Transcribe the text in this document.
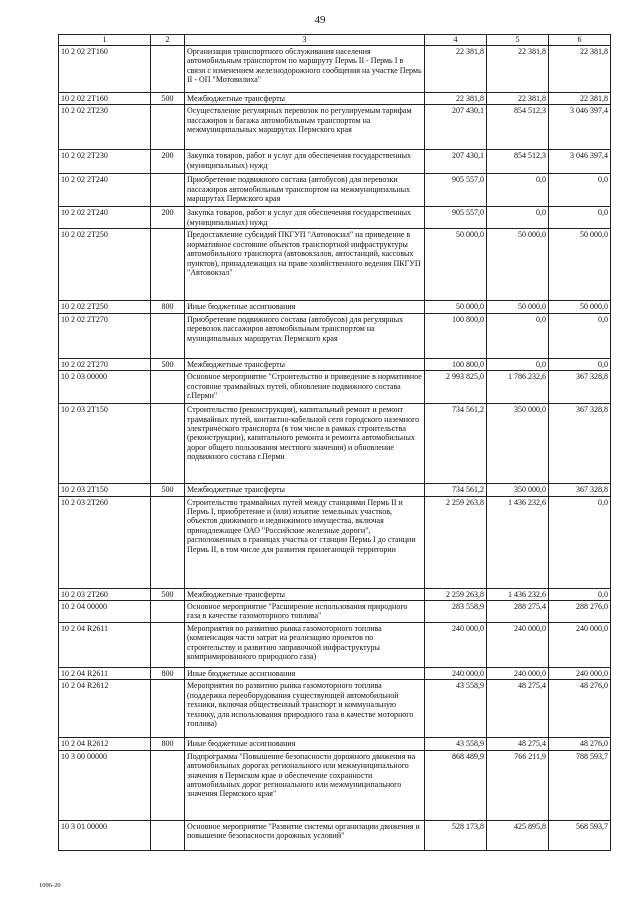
49
1	2	3	4	5	6
10 2 02 2Т160		Организация транспортного обслуживания населения автомобильным транспортом по маршруту Пермь II - Пермь I в связи с изменением железнодорожного сообщения на участке Пермь II - ОП "Мотовилиха"	22 381,8	22 381,8	22 381,8
10 2 02 2Т160	500	Межбюджетные трансферты	22 381,8	22 381,8	22 381,8
10 2 02 2Т230		Осуществление регулярных перевозок по регулируемым тарифам пассажиров и багажа автомобильным транспортом на межмуниципальных маршрутах Пермского края	207 430,1	854 512,3	3 046 397,4
10 2 02 2Т230	200	Закупка товаров, работ и услуг для обеспечения государственных (муниципальных) нужд	207 430,1	854 512,3	3 046 397,4
10 2 02 2Т240		Приобретение подвижного состава (автобусов) для перевозки пассажиров автомобильным транспортом на межмуниципальных маршрутах Пермского края	905 557,0	0,0	0,0
10 2 02 2Т240	200	Закупка товаров, работ и услуг для обеспечения государственных (муниципальных) нужд	905 557,0	0,0	0,0
10 2 02 2Т250		Предоставление субсидий ПКГУП "Автовокзал" на приведение в нормативное состояние объектов транспортной инфраструктуры автомобильного транспорта (автовокзалов, автостанций, кассовых пунктов), принадлежащих на праве хозяйственного ведения ПКГУП "Автовокзал"	50 000,0	50 000,0	50 000,0
10 2 02 2Т250	800	Иные бюджетные ассигнования	50 000,0	50 000,0	50 000,0
10 2 02 2Т270		Приобретение подвижного состава (автобусов) для регулярных перевозок пассажиров автомобильным транспортом на муниципальных маршрутах Пермского края	100 800,0	0,0	0,0
10 2 02 2Т270	500	Межбюджетные трансферты	100 800,0	0,0	0,0
10 2 03 00000		Основное мероприятие "Строительство и приведение в нормативное состояние трамвайных путей, обновление подвижного состава г.Перми"	2 993 825,0	1 786 232,6	367 328,8
10 2 03 2Т150		Строительство (реконструкция), капитальный ремонт и ремонт трамвайных путей, контактно-кабельной сети городского наземного электрического транспорта (в том числе в рамках строительства (реконструкции), капитального ремонта и ремонта автомобильных дорог общего пользования местного значения) и обновление подвижного состава г.Перми	734 561,2	350 000,0	367 328,8
10 2 03 2Т150	500	Межбюджетные трансферты	734 561,2	350 000,0	367 328,8
10 2 03 2Т260		Строительство трамвайных путей между станциями Пермь II и Пермь I, приобретение и (или) изъятие земельных участков, объектов движимого и недвижимого имущества, включая принадлежащее ОАО "Российские железные дороги", расположенных в границах участка от станции Пермь I до станции Пермь II, в том числе для развития прилегающей территории	2 259 263,8	1 436 232,6	0,0
10 2 03 2Т260	500	Межбюджетные трансферты	2 259 263,8	1 436 232,6	0,0
10 2 04 00000		Основное мероприятие "Расширение использования природного газа в качестве газомоторного топлива"	283 558,9	288 275,4	288 276,0
10 2 04 R2611		Мероприятия по развитию рынка газомоторного топлива (компенсация части затрат на реализацию проектов по строительству и развитию заправочной инфраструктуры компримированного природного газа)	240 000,0	240 000,0	240 000,0
10 2 04 R2611	800	Иные бюджетные ассигнования	240 000,0	240 000,0	240 000,0
10 2 04 R2612		Мероприятия по развитию рынка газомоторного топлива (поддержка переоборудования существующей автомобильной техники, включая общественный транспорт и коммунальную технику, для использования природного газа в качестве моторного топлива)	43 558,9	48 275,4	48 276,0
10 2 04 R2612	800	Иные бюджетные ассигнования	43 558,9	48 275,4	48 276,0
10 3 00 00000		Подпрограмма "Повышение безопасности дорожного движения на автомобильных дорогах регионального или межмуниципального значения в Пермском крае и обеспечение сохранности автомобильных дорог регионального или межмуниципального значения Пермского края"	868 489,9	766 211,9	788 593,7
10 3 01 00000		Основное мероприятие "Развитие системы организации движения и повышение безопасности дорожных условий"	528 173,8	425 895,8	568 593,7
1096-20
